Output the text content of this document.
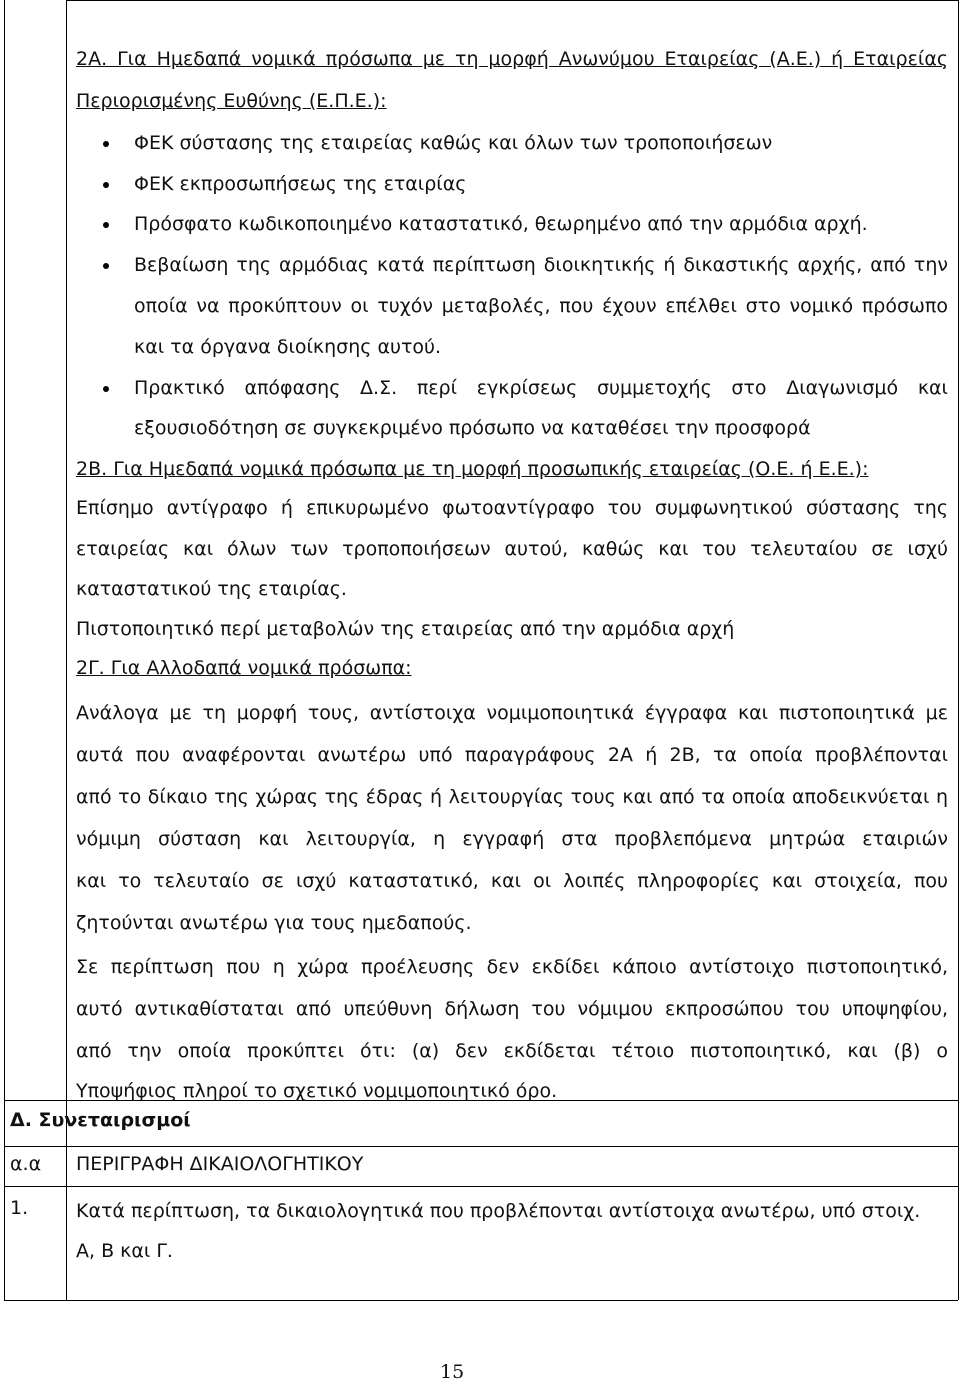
2Α. Για Ημεδαπά νομικά πρόσωπα με τη μορφή Ανωνύμου Εταιρείας (Α.Ε.) ή Εταιρείας
Περιορισμένης Ευθύνης (Ε.Π.Ε.):
ΦΕΚ σύστασης της εταιρείας καθώς και όλων των τροποποιήσεων
ΦΕΚ εκπροσωπήσεως της εταιρίας
Πρόσφατο κωδικοποιημένο καταστατικό, θεωρημένο από την αρμόδια αρχή.
Βεβαίωση της αρμόδιας κατά περίπτωση διοικητικής ή δικαστικής αρχής, από την
οποία να προκύπτουν οι τυχόν μεταβολές, που έχουν επέλθει στο νομικό πρόσωπο
και τα όργανα διοίκησης αυτού.
Πρακτικό απόφασης Δ.Σ. περί εγκρίσεως συμμετοχής στο Διαγωνισμό και
εξουσιοδότηση σε συγκεκριμένο πρόσωπο να καταθέσει την προσφορά
2Β. Για Ημεδαπά νομικά πρόσωπα με τη μορφή προσωπικής εταιρείας (Ο.Ε. ή Ε.Ε.):
Επίσημο αντίγραφο ή επικυρωμένο φωτοαντίγραφο του συμφωνητικού σύστασης της
εταιρείας και όλων των τροποποιήσεων αυτού, καθώς και του τελευταίου σε ισχύ
καταστατικού της εταιρίας.
Πιστοποιητικό περί μεταβολών της εταιρείας από την αρμόδια αρχή
2Γ. Για Αλλοδαπά νομικά πρόσωπα:
Ανάλογα με τη μορφή τους, αντίστοιχα νομιμοποιητικά έγγραφα και πιστοποιητικά με
αυτά που αναφέρονται ανωτέρω υπό παραγράφους 2Α ή 2Β, τα οποία προβλέπονται
από το δίκαιο της χώρας της έδρας ή λειτουργίας τους και από τα οποία αποδεικνύεται η
νόμιμη σύσταση και λειτουργία, η εγγραφή στα προβλεπόμενα μητρώα εταιριών
και το τελευταίο σε ισχύ καταστατικό, και οι λοιπές πληροφορίες και στοιχεία, που
ζητούνται ανωτέρω για τους ημεδαπούς.
Σε περίπτωση που η χώρα προέλευσης δεν εκδίδει κάποιο αντίστοιχο πιστοποιητικό,
αυτό αντικαθίσταται από υπεύθυνη δήλωση του νόμιμου εκπροσώπου του υποψηφίου,
από την οποία προκύπτει ότι: (α) δεν εκδίδεται τέτοιο πιστοποιητικό, και (β) ο
Υποψήφιος πληροί το σχετικό νομιμοποιητικό όρο.
Δ. Συνεταιρισμοί
α.α ΠΕΡΙΓΡΑΦΗ ΔΙΚΑΙΟΛΟΓΗΤΙΚΟΥ
1.	Κατά περίπτωση, τα δικαιολογητικά που προβλέπονται αντίστοιχα ανωτέρω, υπό στοιχ.
Α, Β και Γ.
15
